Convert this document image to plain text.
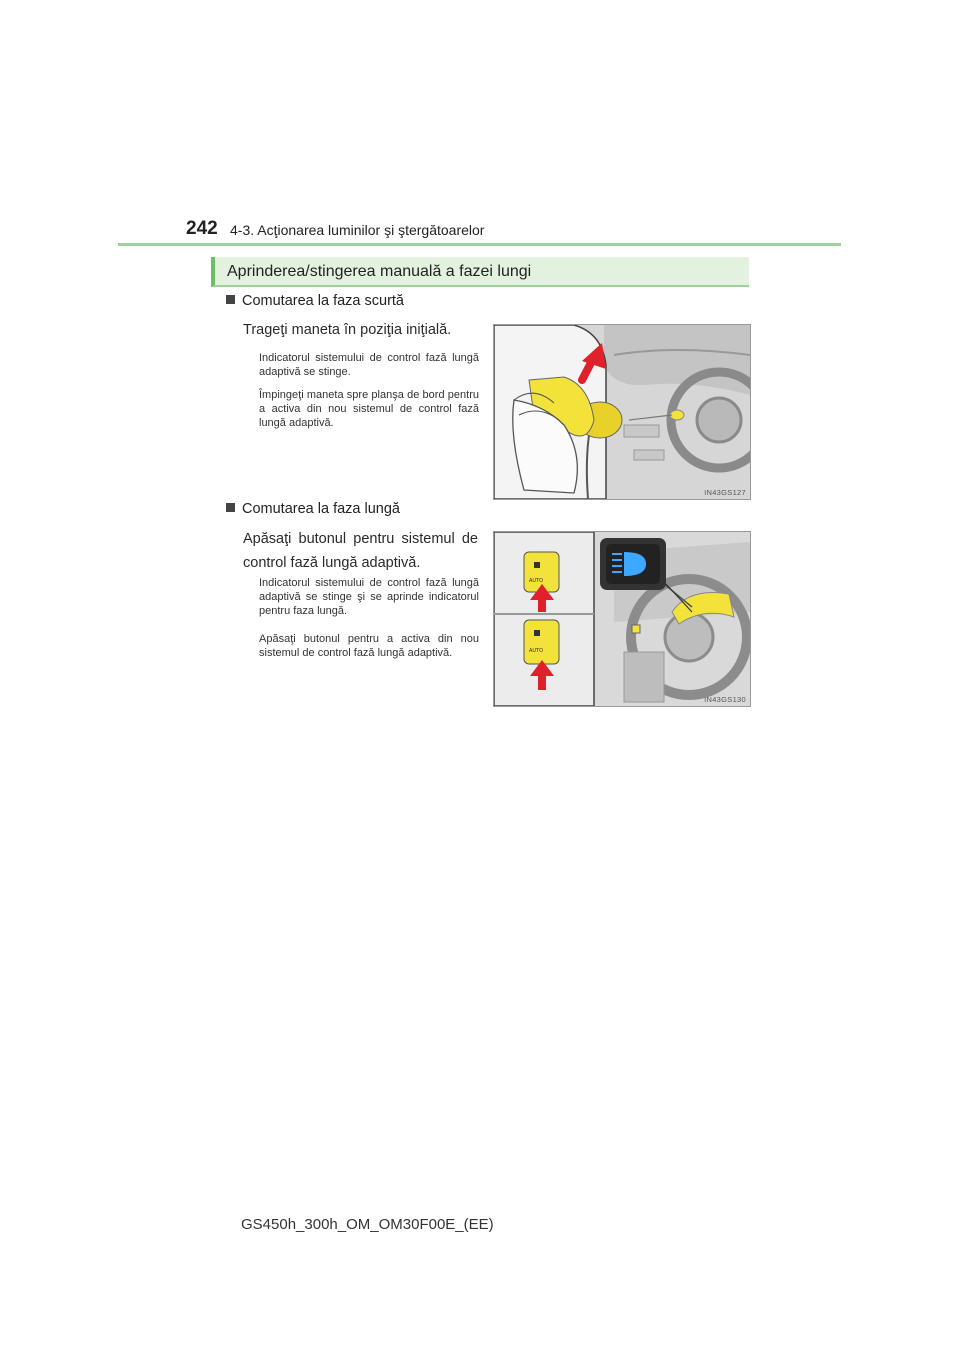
242 4-3. Acţionarea luminilor şi ştergătoarelor
Aprinderea/stingerea manuală a fazei lungi
Comutarea la faza scurtă
Trageţi maneta în poziţia iniţială.
Indicatorul sistemului de control fază lungă adaptivă se stinge.
Împingeţi maneta spre planşa de bord pentru a activa din nou sistemul de control fază lungă adaptivă.
IN43GS127
Comutarea la faza lungă
Apăsaţi butonul pentru sistemul de control fază lungă adaptivă.
Indicatorul sistemului de control fază lungă adaptivă se stinge şi se aprinde indicatorul pentru faza lungă.
Apăsaţi butonul pentru a activa din nou sistemul de control fază lungă adaptivă.
AUTO
AUTO
IN43GS130
GS450h_300h_OM_OM30F00E_(EE)
